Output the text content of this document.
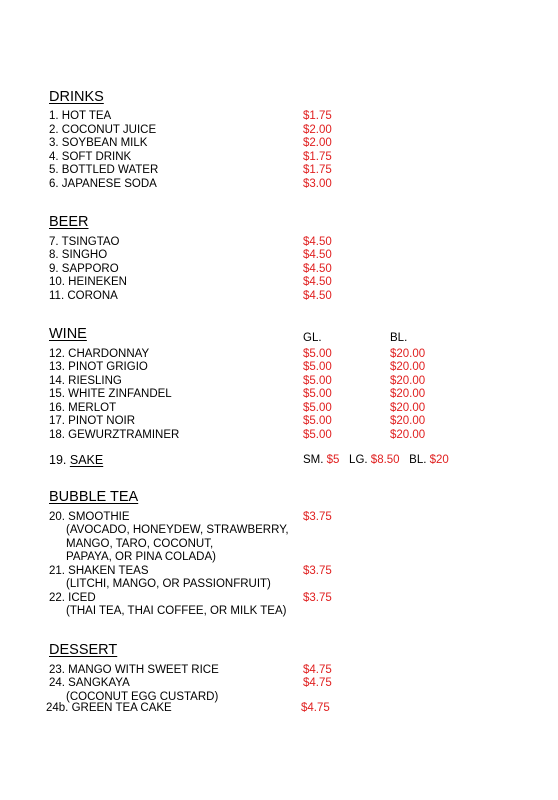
DRINKS
1. HOT TEA	$1.75
2. COCONUT JUICE	$2.00
3. SOYBEAN MILK	$2.00
4. SOFT DRINK	$1.75
5. BOTTLED WATER	$1.75
6. JAPANESE SODA	$3.00
BEER
7. TSINGTAO	$4.50
8. SINGHO	$4.50
9. SAPPORO	$4.50
10. HEINEKEN	$4.50
11. CORONA	$4.50
WINE	GL.	BL.
12. CHARDONNAY	$5.00	$20.00
13. PINOT GRIGIO	$5.00	$20.00
14. RIESLING	$5.00	$20.00
15. WHITE ZINFANDEL	$5.00	$20.00
16. MERLOT	$5.00	$20.00
17. PINOT NOIR	$5.00	$20.00
18. GEWURZTRAMINER	$5.00	$20.00
19. SAKE	SM. $5 LG. $8.50 BL. $20
BUBBLE TEA
20. SMOOTHIE	$3.75
(AVOCADO, HONEYDEW, STRAWBERRY,
MANGO, TARO, COCONUT,
PAPAYA, OR PINA COLADA)
21. SHAKEN TEAS	$3.75
(LITCHI, MANGO, OR PASSIONFRUIT)
22. ICED	$3.75
(THAI TEA, THAI COFFEE, OR MILK TEA)
DESSERT
23. MANGO WITH SWEET RICE	$4.75
24. SANGKAYA	$4.75
(COCONUT EGG CUSTARD)
24b. GREEN TEA CAKE	$4.75
